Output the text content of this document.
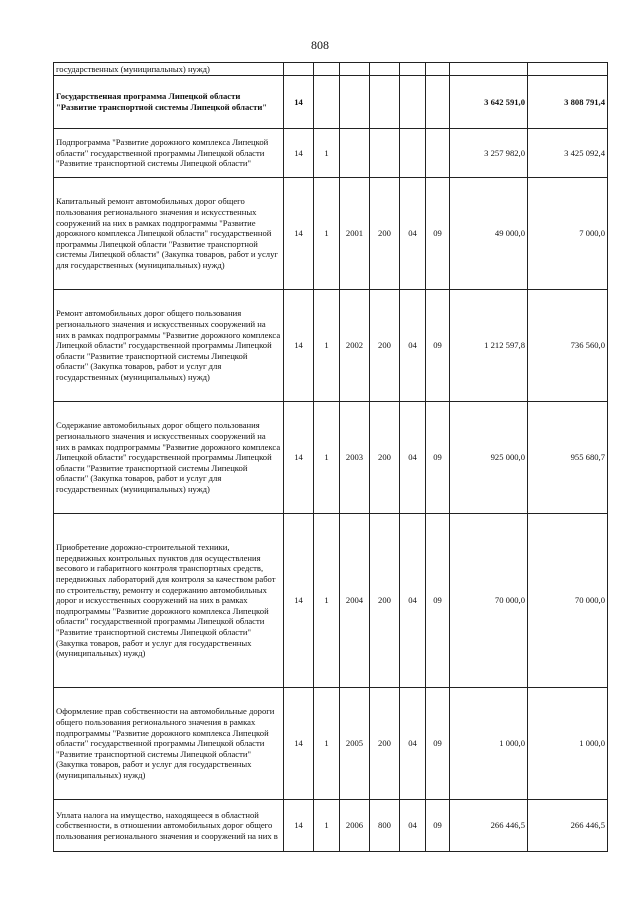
808
государственных (муниципальных) нужд)								
Государственная программа Липецкой области "Развитие транспортной системы Липецкой области"	14						3 642 591,0	3 808 791,4
Подпрограмма "Развитие дорожного комплекса Липецкой области" государственной программы Липецкой области "Развитие транспортной системы Липецкой области"	14	1					3 257 982,0	3 425 092,4
Капитальный ремонт автомобильных дорог общего пользования регионального значения и искусственных сооружений на них в рамках подпрограммы "Развитие дорожного комплекса Липецкой области" государственной программы Липецкой области "Развитие транспортной системы Липецкой области" (Закупка товаров, работ и услуг для государственных (муниципальных) нужд)	14	1	2001	200	04	09	49 000,0	7 000,0
Ремонт автомобильных дорог общего пользования регионального значения и искусственных сооружений на них в рамках подпрограммы "Развитие дорожного комплекса Липецкой области" государственной программы Липецкой области "Развитие транспортной системы Липецкой области" (Закупка товаров, работ и услуг для государственных (муниципальных) нужд)	14	1	2002	200	04	09	1 212 597,8	736 560,0
Содержание автомобильных дорог общего пользования регионального значения и искусственных сооружений на них в рамках подпрограммы "Развитие дорожного комплекса Липецкой области" государственной программы Липецкой области "Развитие транспортной системы Липецкой области" (Закупка товаров, работ и услуг для государственных (муниципальных) нужд)	14	1	2003	200	04	09	925 000,0	955 680,7
Приобретение дорожно-строительной техники, передвижных контрольных пунктов для осуществления весового и габаритного контроля транспортных средств, передвижных лабораторий для контроля за качеством работ по строительству, ремонту и содержанию автомобильных дорог и искусственных сооружений на них в рамках подпрограммы "Развитие дорожного комплекса Липецкой области" государственной программы Липецкой области "Развитие транспортной системы Липецкой области" (Закупка товаров, работ и услуг для государственных (муниципальных) нужд)	14	1	2004	200	04	09	70 000,0	70 000,0
Оформление прав собственности на автомобильные дороги общего пользования регионального значения в рамках подпрограммы "Развитие дорожного комплекса Липецкой области" государственной программы Липецкой области "Развитие транспортной системы Липецкой области" (Закупка товаров, работ и услуг для государственных (муниципальных) нужд)	14	1	2005	200	04	09	1 000,0	1 000,0
Уплата налога на имущество, находящееся в областной собственности, в отношении автомобильных дорог общего пользования регионального значения и сооружений на них в	14	1	2006	800	04	09	266 446,5	266 446,5
